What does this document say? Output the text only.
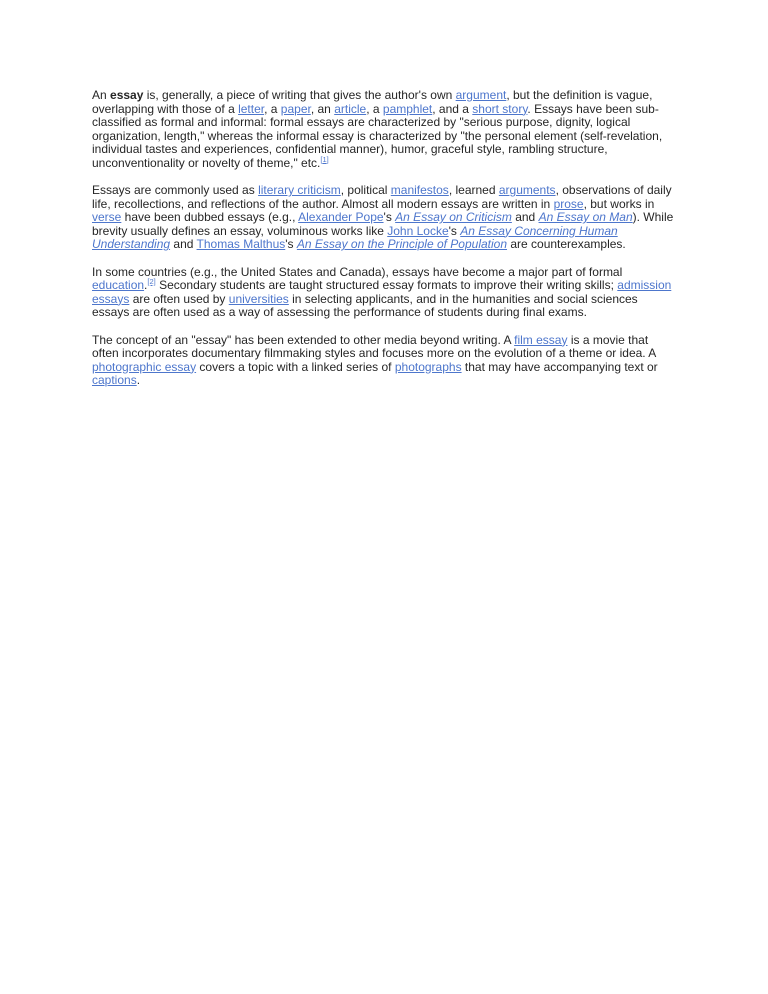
An essay is, generally, a piece of writing that gives the author's own argument, but the definition is vague, overlapping with those of a letter, a paper, an article, a pamphlet, and a short story. Essays have been sub-classified as formal and informal: formal essays are characterized by "serious purpose, dignity, logical organization, length," whereas the informal essay is characterized by "the personal element (self-revelation, individual tastes and experiences, confidential manner), humor, graceful style, rambling structure, unconventionality or novelty of theme," etc.[1]

Essays are commonly used as literary criticism, political manifestos, learned arguments, observations of daily life, recollections, and reflections of the author. Almost all modern essays are written in prose, but works in verse have been dubbed essays (e.g., Alexander Pope's An Essay on Criticism and An Essay on Man). While brevity usually defines an essay, voluminous works like John Locke's An Essay Concerning Human Understanding and Thomas Malthus's An Essay on the Principle of Population are counterexamples.

In some countries (e.g., the United States and Canada), essays have become a major part of formal education.[2] Secondary students are taught structured essay formats to improve their writing skills; admission essays are often used by universities in selecting applicants, and in the humanities and social sciences essays are often used as a way of assessing the performance of students during final exams.

The concept of an "essay" has been extended to other media beyond writing. A film essay is a movie that often incorporates documentary filmmaking styles and focuses more on the evolution of a theme or idea. A photographic essay covers a topic with a linked series of photographs that may have accompanying text or captions.
